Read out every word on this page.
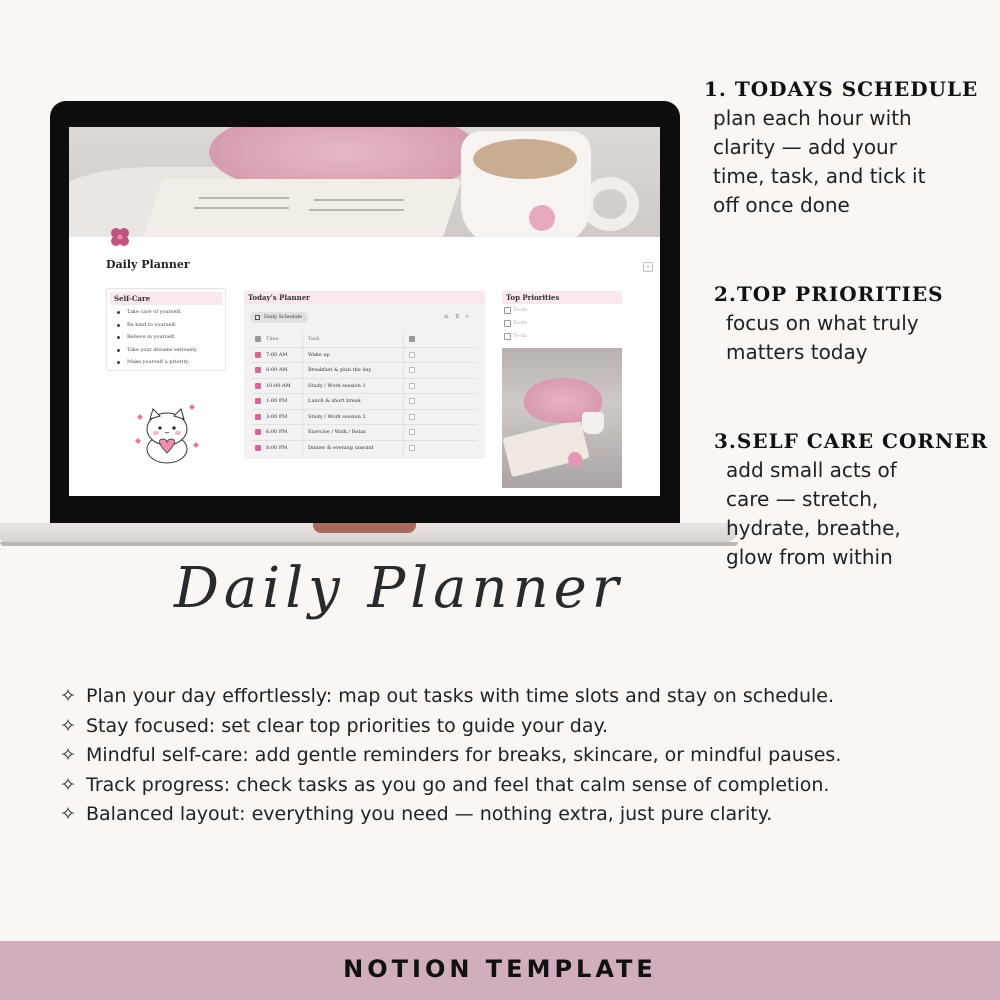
Daily Planner	–
Self-Care
Take care of yourself.
Be kind to yourself.
Believe in yourself.
Take your dreams seriously
Make yourself a priority.
Today's Planner
Daily Schedule	≡⇅⌕
Time	Task
7:00 AM	Wake up
8:00 AM	Breakfast & plan the day
10:00 AM	Study / Work session 1
1:00 PM	Lunch & short break
3:00 PM	Study / Work session 2
6:00 PM	Exercise / Walk / Relax
8:00 PM	Dinner & evening unwind
Top Priorities
To-do
To-do
To-do
1. TODAYS SCHEDULE

plan each hour with
clarity — add your
time, task, and tick it
off once done

2.TOP PRIORITIES

focus on what truly
matters today

3.SELF CARE CORNER

add small acts of
care — stretch,
hydrate, breathe,
glow from within

Daily Planner
✧ Plan your day effortlessly: map out tasks with time slots and stay on schedule.
✧ Stay focused: set clear top priorities to guide your day.
✧ Mindful self-care: add gentle reminders for breaks, skincare, or mindful pauses.
✧ Track progress: check tasks as you go and feel that calm sense of completion.
✧ Balanced layout: everything you need — nothing extra, just pure clarity.
NOTION TEMPLATE
